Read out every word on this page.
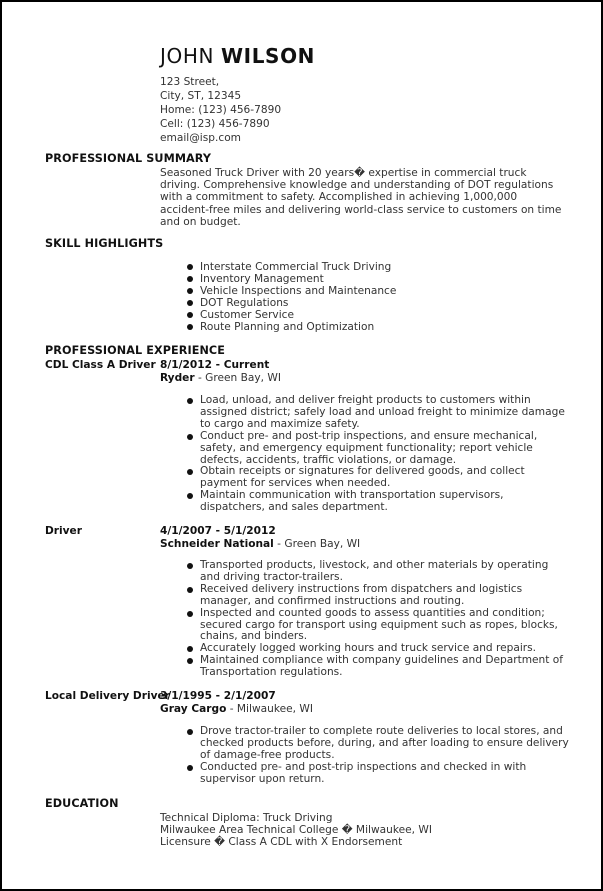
JOHN WILSON
123 Street,
City, ST, 12345
Home: (123) 456-7890
Cell: (123) 456-7890
email@isp.com
PROFESSIONAL SUMMARY

Seasoned Truck Driver with 20 years� expertise in commercial truck driving. Comprehensive knowledge and understanding of DOT regulations with a commitment to safety. Accomplished in achieving 1,000,000 accident-free miles and delivering world-class service to customers on time and on budget.

SKILL HIGHLIGHTS
Interstate Commercial Truck Driving
Inventory Management
Vehicle Inspections and Maintenance
DOT Regulations
Customer Service
Route Planning and Optimization
PROFESSIONAL EXPERIENCE
CDL Class A Driver 8/1/2012 - Current
Ryder - Green Bay, WI
Load, unload, and deliver freight products to customers within assigned district; safely load and unload freight to minimize damage to cargo and maximize safety.
Conduct pre- and post-trip inspections, and ensure mechanical, safety, and emergency equipment functionality; report vehicle defects, accidents, traffic violations, or damage.
Obtain receipts or signatures for delivered goods, and collect payment for services when needed.
Maintain communication with transportation supervisors, dispatchers, and sales department.
Driver	4/1/2007 - 5/1/2012
Schneider National - Green Bay, WI
Transported products, livestock, and other materials by operating and driving tractor-trailers.
Received delivery instructions from dispatchers and logistics manager, and confirmed instructions and routing.
Inspected and counted goods to assess quantities and condition; secured cargo for transport using equipment such as ropes, blocks, chains, and binders.
Accurately logged working hours and truck service and repairs.
Maintained compliance with company guidelines and Department of Transportation regulations.
Local Delivery Driver
3/1/1995 - 2/1/2007
Gray Cargo - Milwaukee, WI
Drove tractor-trailer to complete route deliveries to local stores, and checked products before, during, and after loading to ensure delivery of damage-free products.
Conducted pre- and post-trip inspections and checked in with supervisor upon return.
EDUCATION
Technical Diploma: Truck Driving
Milwaukee Area Technical College � Milwaukee, WI
Licensure � Class A CDL with X Endorsement
